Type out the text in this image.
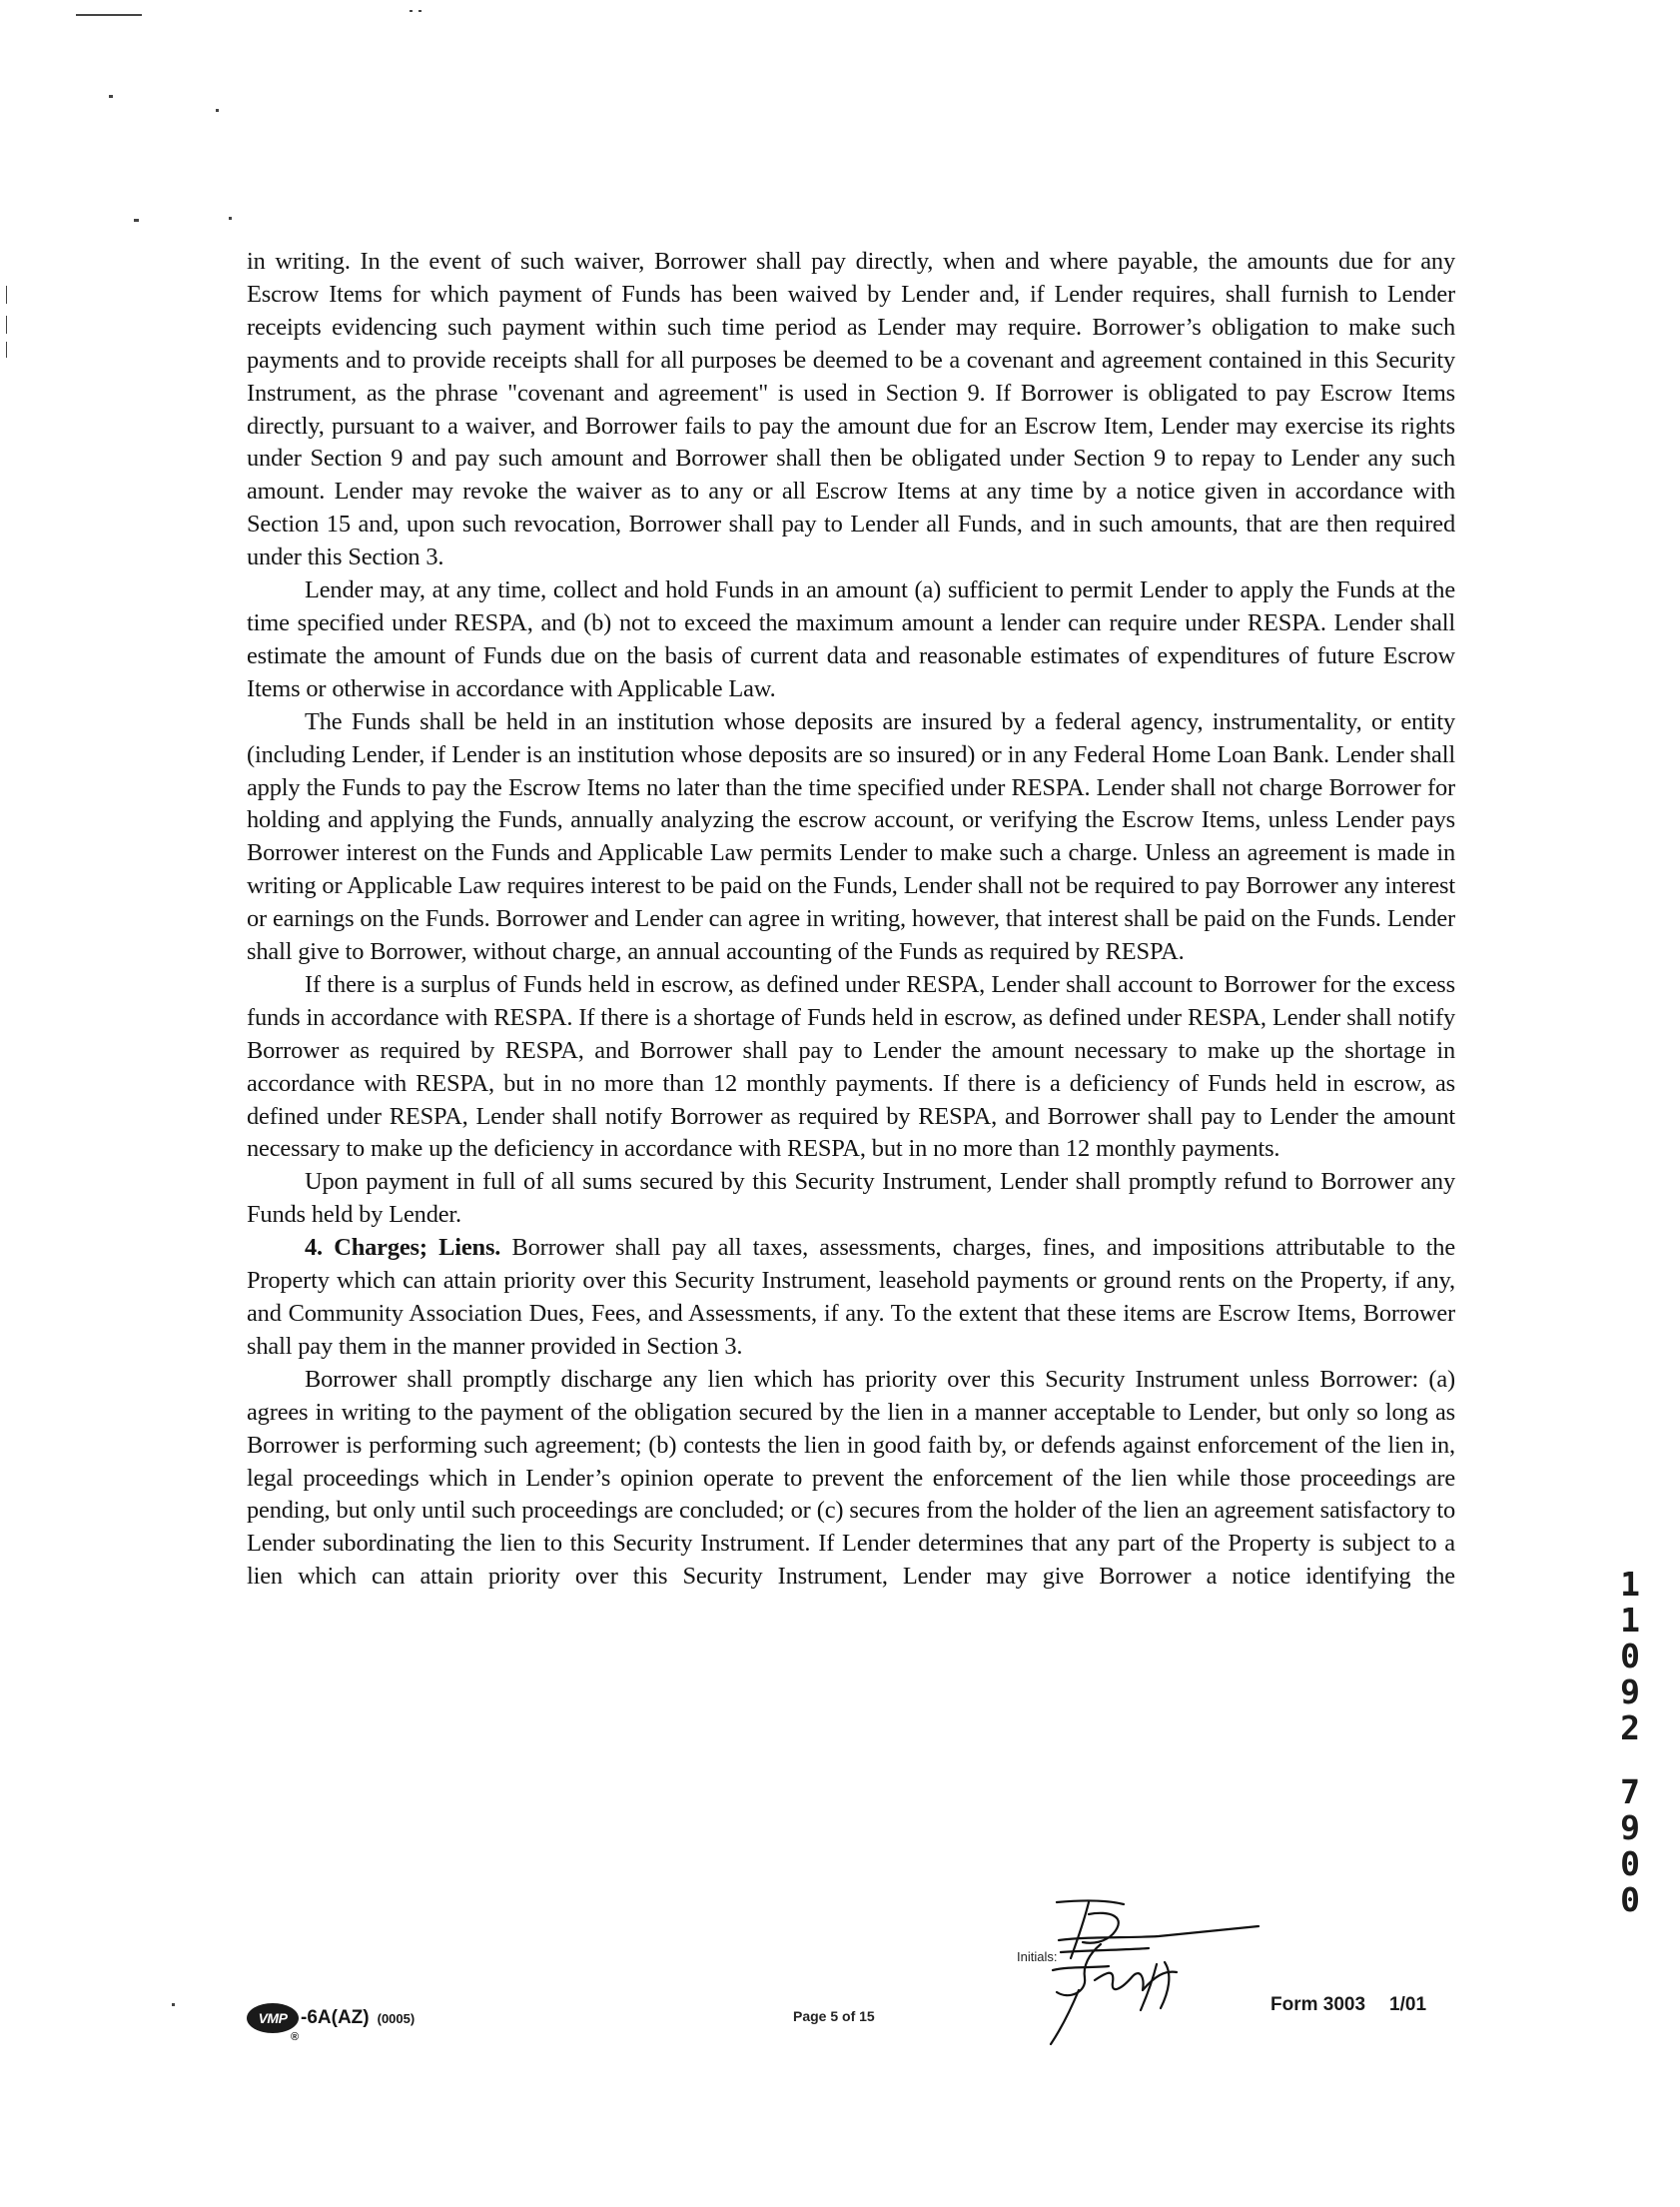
in writing. In the event of such waiver, Borrower shall pay directly, when and where payable, the amounts due for any Escrow Items for which payment of Funds has been waived by Lender and, if Lender requires, shall furnish to Lender receipts evidencing such payment within such time period as Lender may require. Borrower’s obligation to make such payments and to provide receipts shall for all purposes be deemed to be a covenant and agreement contained in this Security Instrument, as the phrase "covenant and agreement" is used in Section 9. If Borrower is obligated to pay Escrow Items directly, pursuant to a waiver, and Borrower fails to pay the amount due for an Escrow Item, Lender may exercise its rights under Section 9 and pay such amount and Borrower shall then be obligated under Section 9 to repay to Lender any such amount. Lender may revoke the waiver as to any or all Escrow Items at any time by a notice given in accordance with Section 15 and, upon such revocation, Borrower shall pay to Lender all Funds, and in such amounts, that are then required under this Section 3.

Lender may, at any time, collect and hold Funds in an amount (a) sufficient to permit Lender to apply the Funds at the time specified under RESPA, and (b) not to exceed the maximum amount a lender can require under RESPA. Lender shall estimate the amount of Funds due on the basis of current data and reasonable estimates of expenditures of future Escrow Items or otherwise in accordance with Applicable Law.

The Funds shall be held in an institution whose deposits are insured by a federal agency, instrumentality, or entity (including Lender, if Lender is an institution whose deposits are so insured) or in any Federal Home Loan Bank. Lender shall apply the Funds to pay the Escrow Items no later than the time specified under RESPA. Lender shall not charge Borrower for holding and applying the Funds, annually analyzing the escrow account, or verifying the Escrow Items, unless Lender pays Borrower interest on the Funds and Applicable Law permits Lender to make such a charge. Unless an agreement is made in writing or Applicable Law requires interest to be paid on the Funds, Lender shall not be required to pay Borrower any interest or earnings on the Funds. Borrower and Lender can agree in writing, however, that interest shall be paid on the Funds. Lender shall give to Borrower, without charge, an annual accounting of the Funds as required by RESPA.

If there is a surplus of Funds held in escrow, as defined under RESPA, Lender shall account to Borrower for the excess funds in accordance with RESPA. If there is a shortage of Funds held in escrow, as defined under RESPA, Lender shall notify Borrower as required by RESPA, and Borrower shall pay to Lender the amount necessary to make up the shortage in accordance with RESPA, but in no more than 12 monthly payments. If there is a deficiency of Funds held in escrow, as defined under RESPA, Lender shall notify Borrower as required by RESPA, and Borrower shall pay to Lender the amount necessary to make up the deficiency in accordance with RESPA, but in no more than 12 monthly payments.

Upon payment in full of all sums secured by this Security Instrument, Lender shall promptly refund to Borrower any Funds held by Lender.

4. Charges; Liens. Borrower shall pay all taxes, assessments, charges, fines, and impositions attributable to the Property which can attain priority over this Security Instrument, leasehold payments or ground rents on the Property, if any, and Community Association Dues, Fees, and Assessments, if any. To the extent that these items are Escrow Items, Borrower shall pay them in the manner provided in Section 3.

Borrower shall promptly discharge any lien which has priority over this Security Instrument unless Borrower: (a) agrees in writing to the payment of the obligation secured by the lien in a manner acceptable to Lender, but only so long as Borrower is performing such agreement; (b) contests the lien in good faith by, or defends against enforcement of the lien in, legal proceedings which in Lender’s opinion operate to prevent the enforcement of the lien while those proceedings are pending, but only until such proceedings are concluded; or (c) secures from the holder of the lien an agreement satisfactory to Lender subordinating the lien to this Security Instrument. If Lender determines that any part of the Property is subject to a lien which can attain priority over this Security Instrument, Lender may give Borrower a notice identifying the

VMP
®
-6A(AZ) (0005)	Page 5 of 15
Initials:
Form 3003 1/01
1
1
0
9
2
7
9
0
0
